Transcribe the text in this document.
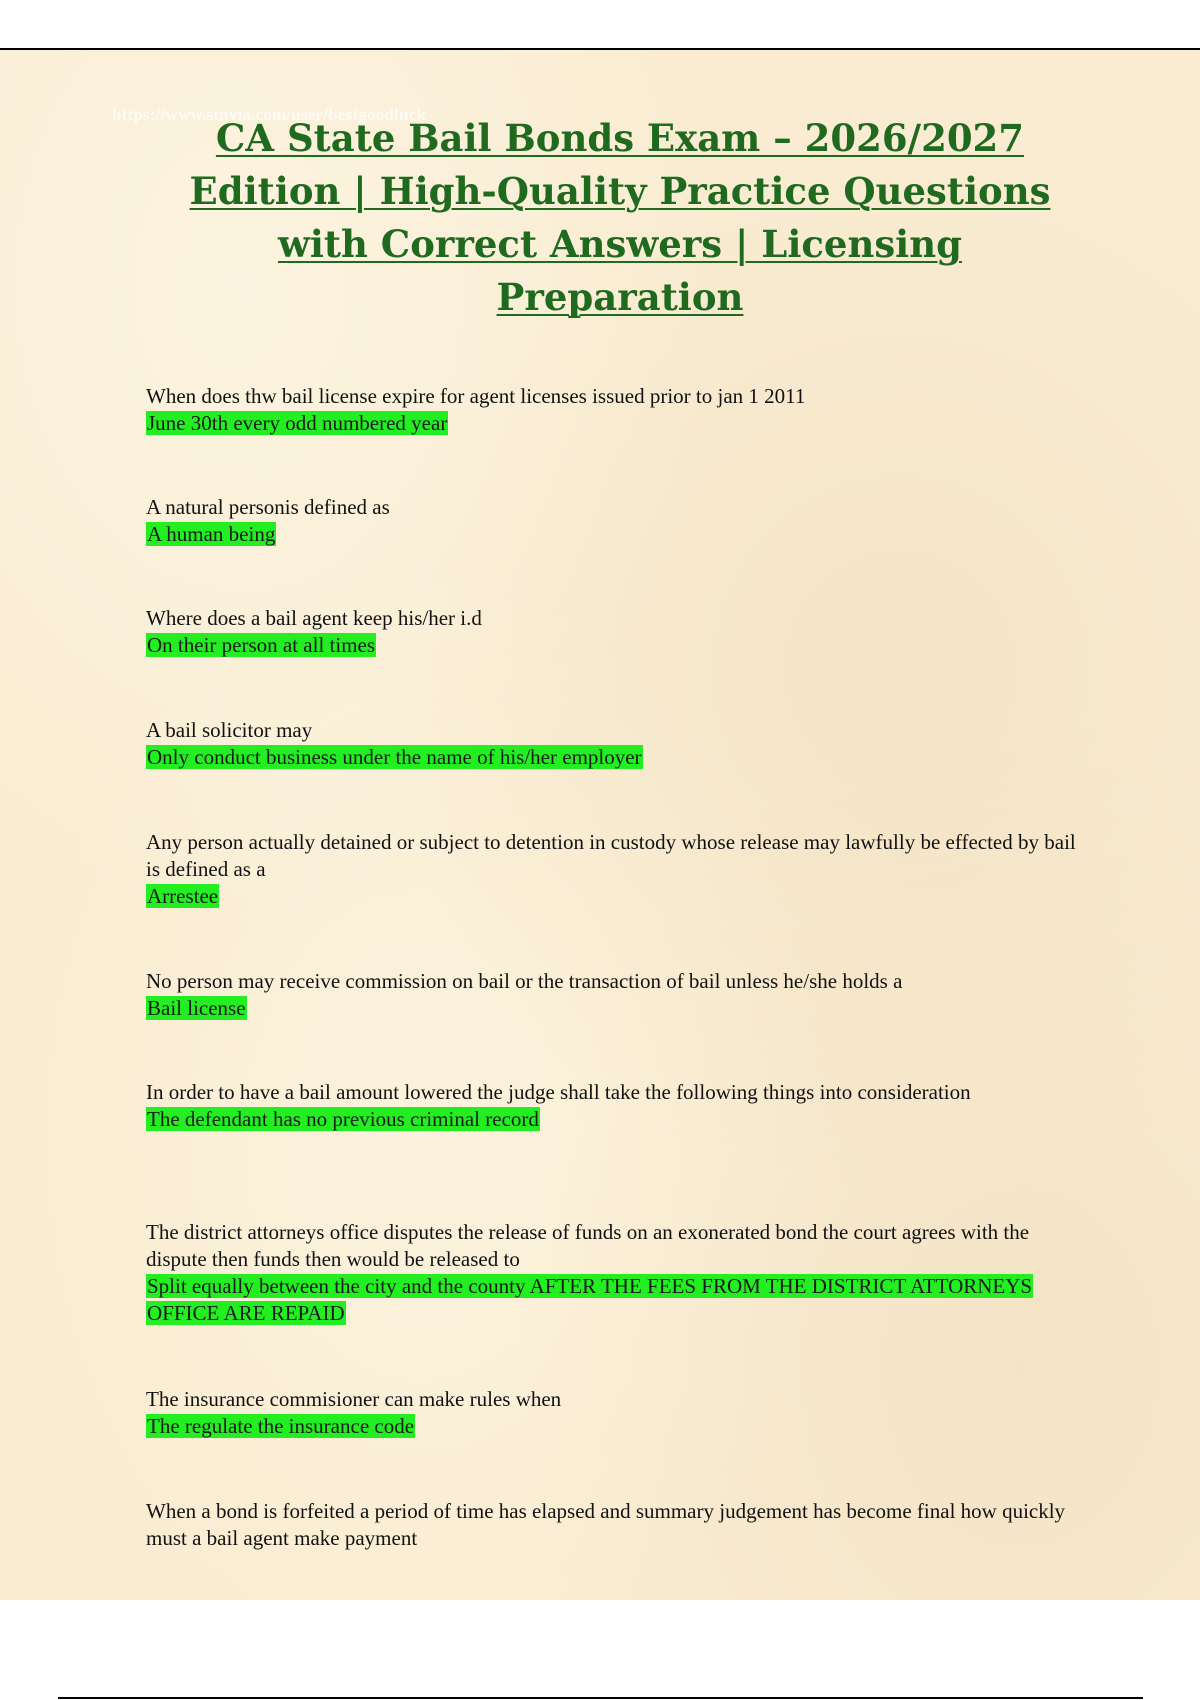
https://www.stuvia.com/user/bestgoodluck
CA State Bail Bonds Exam – 2026/2027 Edition | High-Quality Practice Questions with Correct Answers | Licensing Preparation
When does thw bail license expire for agent licenses issued prior to jan 1 2011
June 30th every odd numbered year
A natural personis defined as
A human being
Where does a bail agent keep his/her i.d
On their person at all times
A bail solicitor may
Only conduct business under the name of his/her employer
Any person actually detained or subject to detention in custody whose release may lawfully be effected by bail is defined as a
Arrestee
No person may receive commission on bail or the transaction of bail unless he/she holds a
Bail license
In order to have a bail amount lowered the judge shall take the following things into consideration
The defendant has no previous criminal record
The district attorneys office disputes the release of funds on an exonerated bond the court agrees with the dispute then funds then would be released to
Split equally between the city and the county AFTER THE FEES FROM THE DISTRICT ATTORNEYS OFFICE ARE REPAID
The insurance commisioner can make rules when
The regulate the insurance code
When a bond is forfeited a period of time has elapsed and summary judgement has become final how quickly must a bail agent make payment
